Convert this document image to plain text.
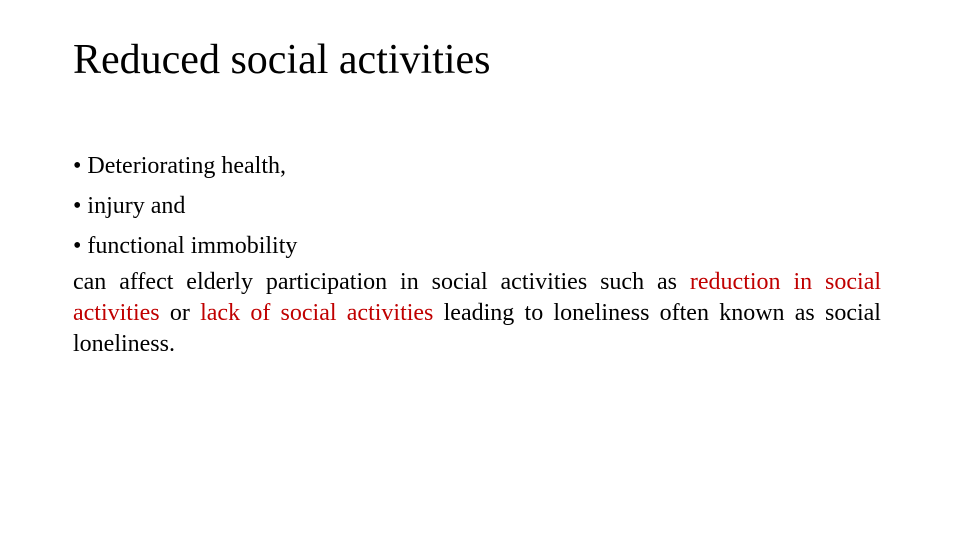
Reduced social activities
• Deteriorating health,
• injury and
• functional immobility

can affect elderly participation in social activities such as reduction in social activities or lack of social activities leading to loneliness often known as social loneliness.
